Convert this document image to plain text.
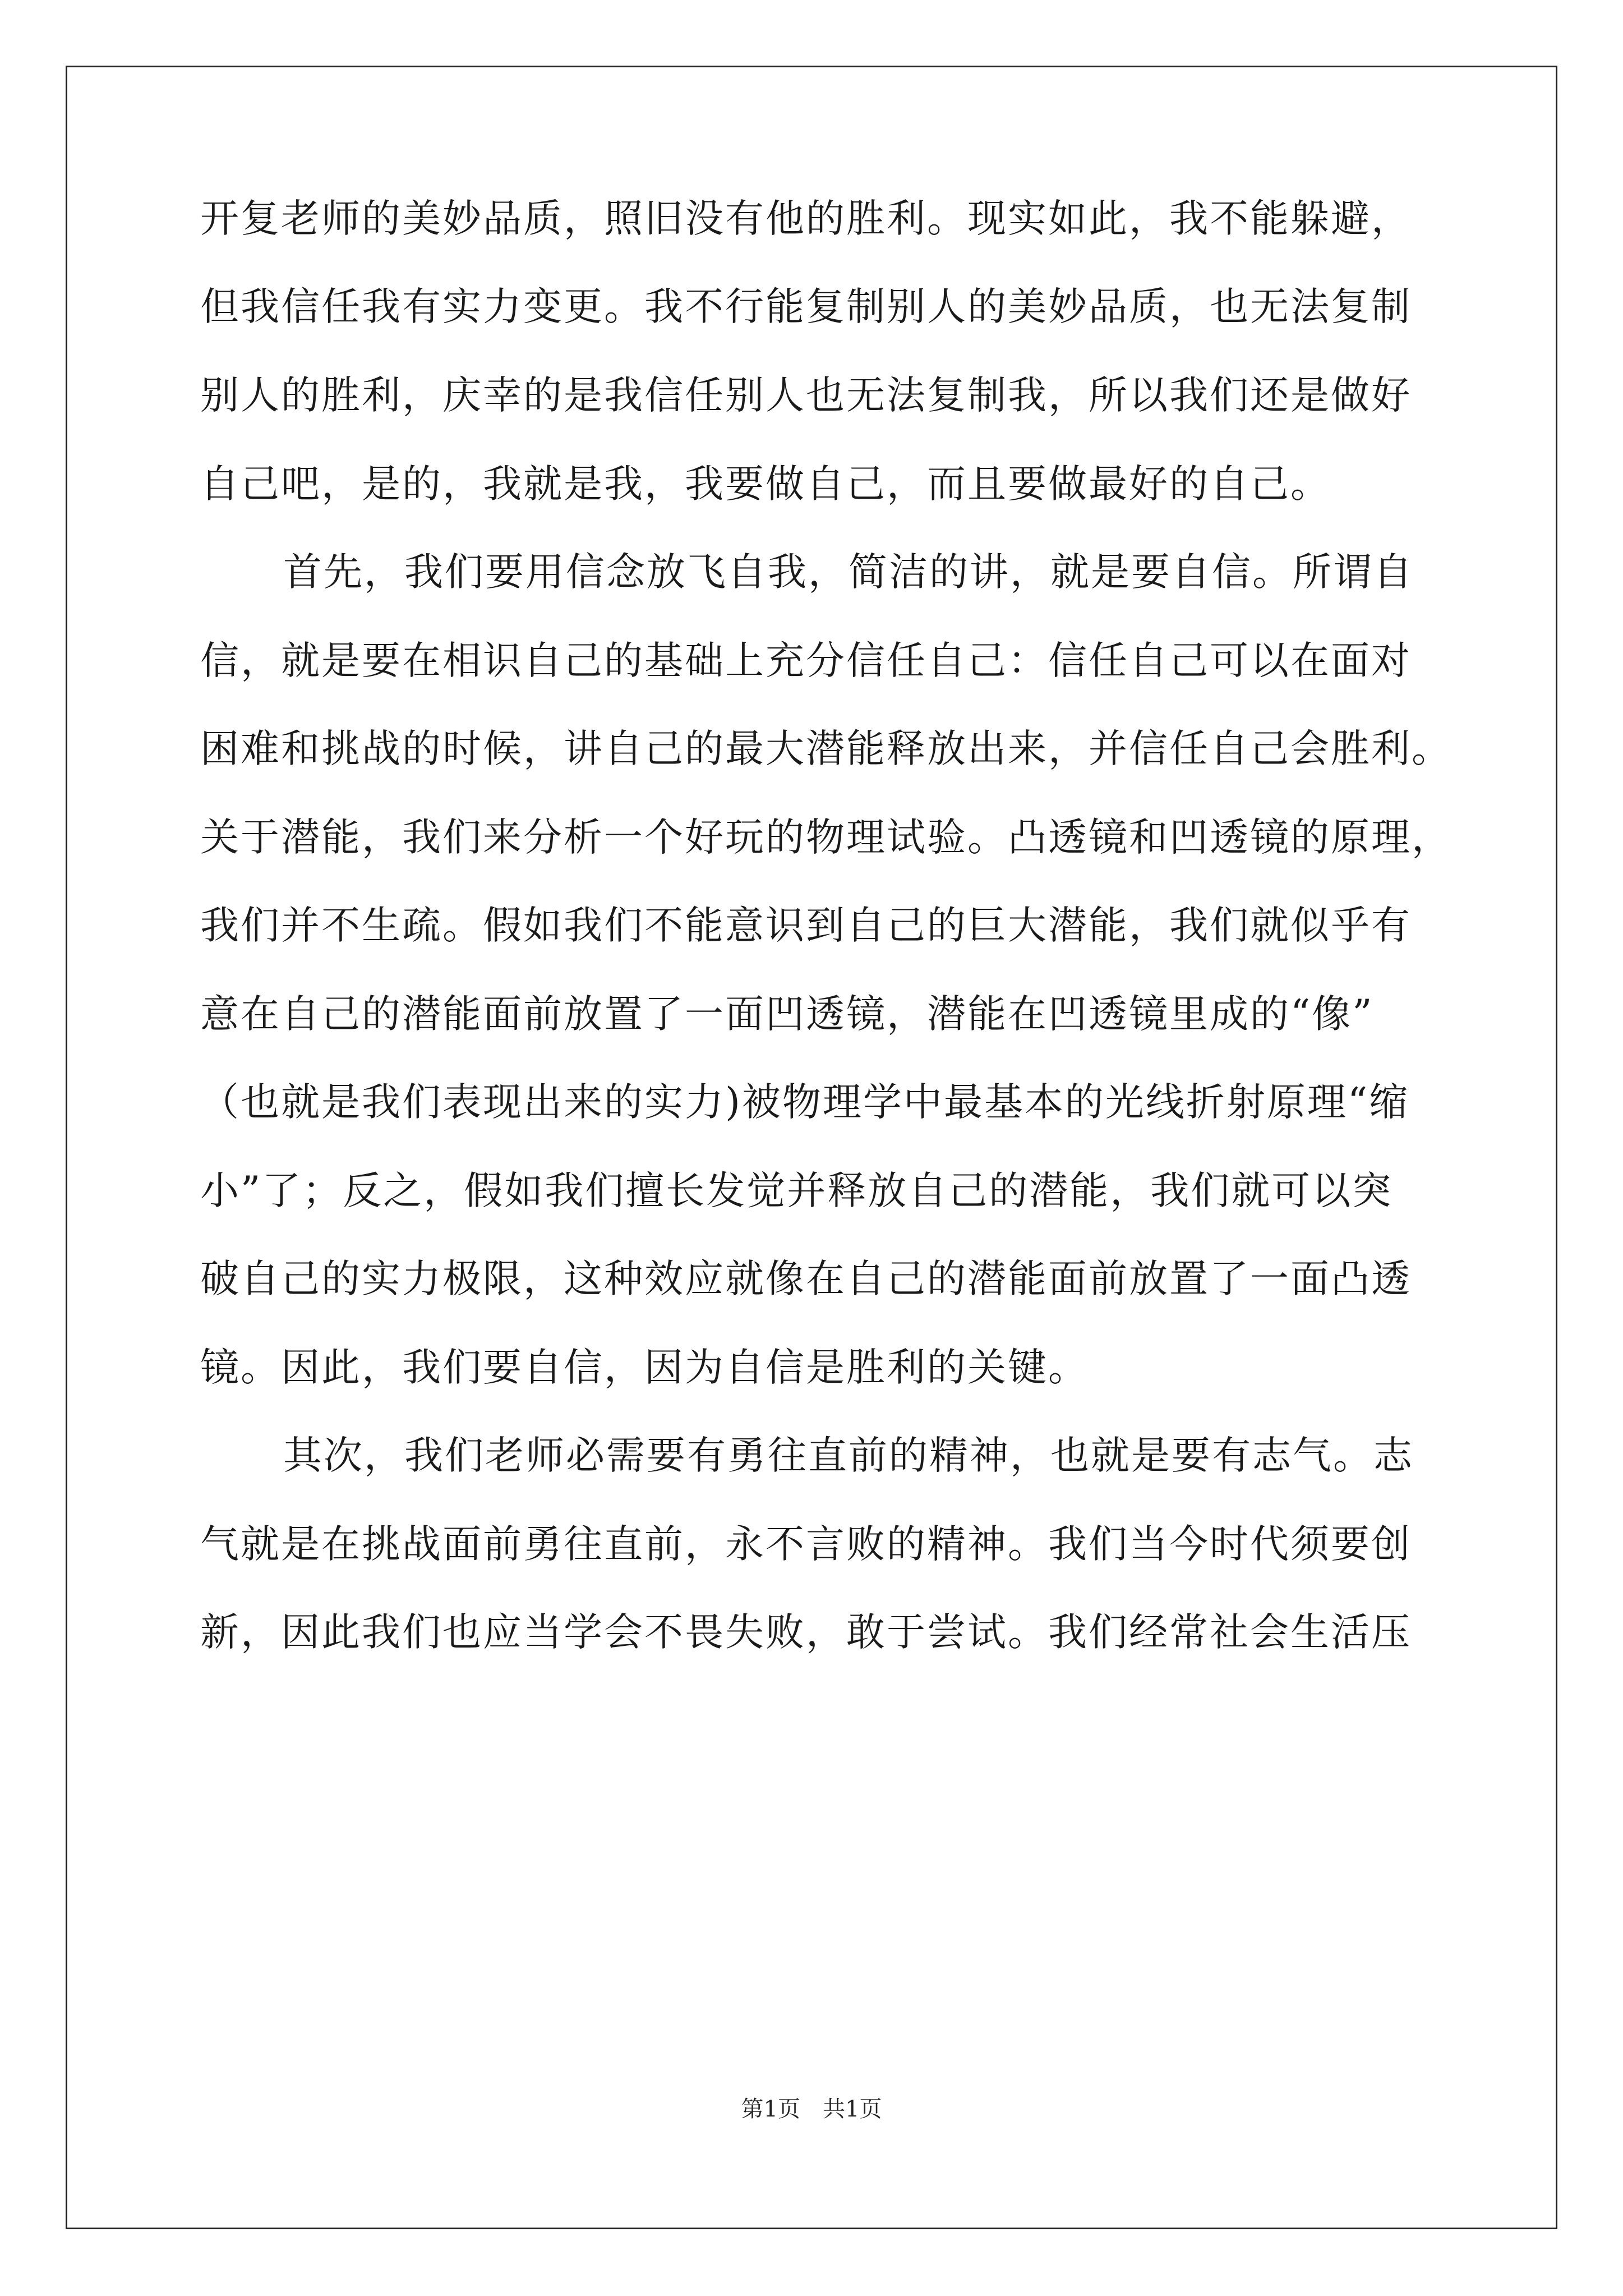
开复老师的美妙品质，照旧没有他的胜利。现实如此，我不能躲避，
但我信任我有实力变更。我不行能复制别人的美妙品质，也无法复制
别人的胜利，庆幸的是我信任别人也无法复制我，所以我们还是做好
自己吧，是的，我就是我，我要做自己，而且要做最好的自己。
首先，我们要用信念放飞自我，简洁的讲，就是要自信。所谓自
信，就是要在相识自己的基础上充分信任自己：信任自己可以在面对
困难和挑战的时候，讲自己的最大潜能释放出来，并信任自己会胜利。
关于潜能，我们来分析一个好玩的物理试验。凸透镜和凹透镜的原理，
我们并不生疏。假如我们不能意识到自己的巨大潜能，我们就似乎有
意在自己的潜能面前放置了一面凹透镜，潜能在凹透镜里成的“像”
（也就是我们表现出来的实力)被物理学中最基本的光线折射原理“缩
小”了；反之，假如我们擅长发觉并释放自己的潜能，我们就可以突
破自己的实力极限，这种效应就像在自己的潜能面前放置了一面凸透
镜。因此，我们要自信，因为自信是胜利的关键。
其次，我们老师必需要有勇往直前的精神，也就是要有志气。志
气就是在挑战面前勇往直前，永不言败的精神。我们当今时代须要创
新，因此我们也应当学会不畏失败，敢于尝试。我们经常社会生活压
第1页 共1页
